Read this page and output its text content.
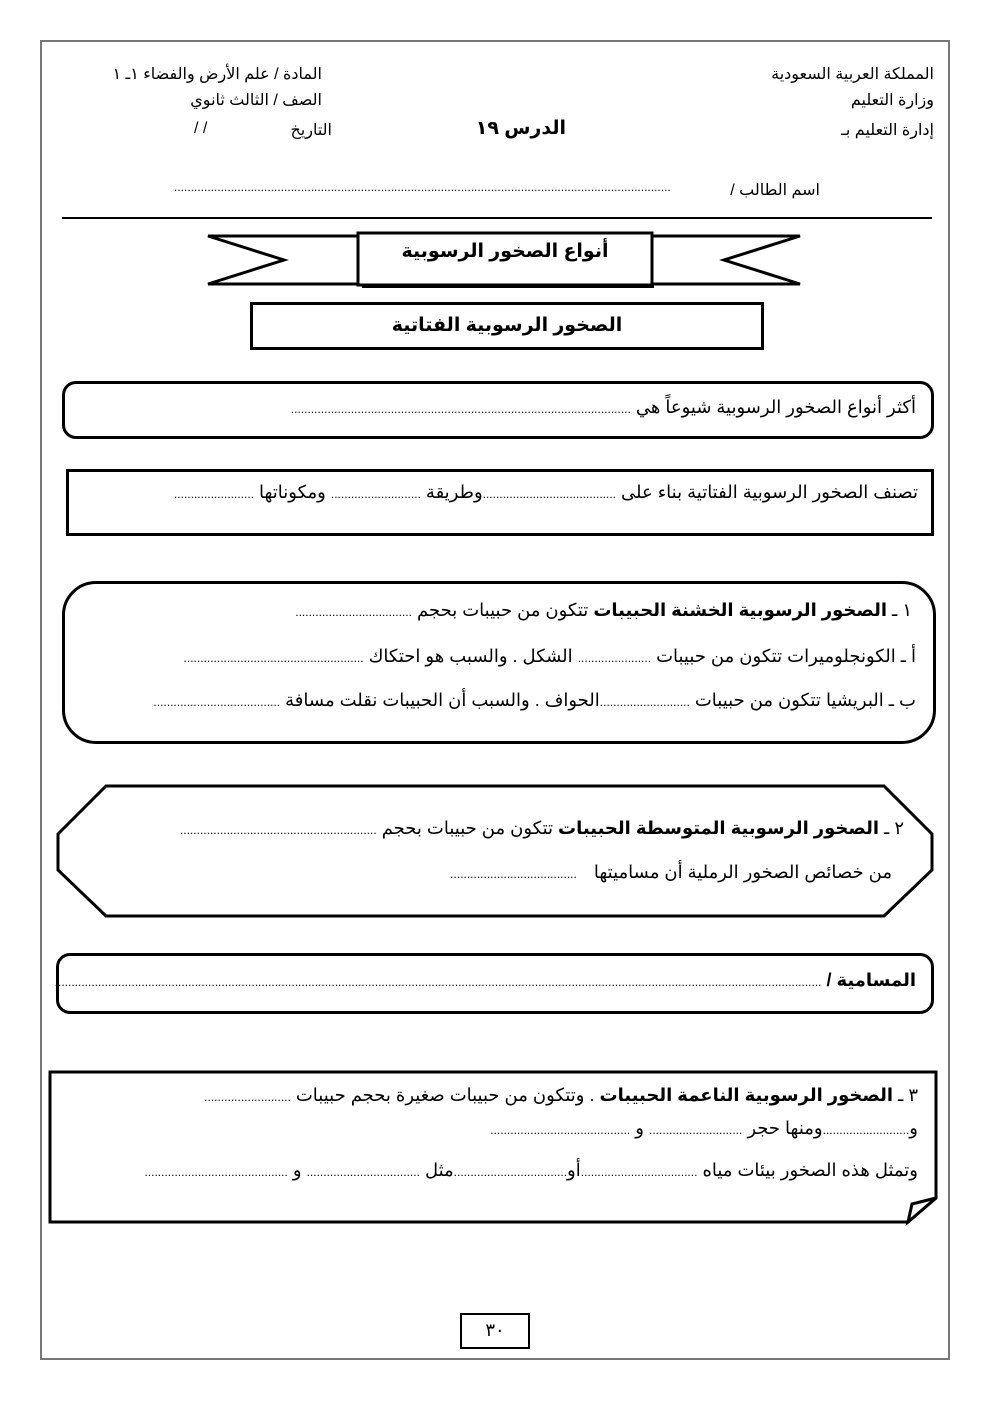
المملكة العربية السعودية
وزارة التعليم
إدارة التعليم بـ
المادة / علم الأرض والفضاء ١ـ ١
الصف / الثالث ثانوي
التاريخ
/ /	الدرس ١٩
اسم الطالب /
.....................................................................................................................................................
أنواع الصخور الرسوبية
الصخور الرسوبية الفتاتية
أكثر أنواع الصخور الرسوبية شيوعاً هي ......................................................................................................
تصنف الصخور الرسوبية الفتاتية بناء على ........................................وطريقة ........................... ومكوناتها ........................
١ ـ الصخور الرسوبية الخشنة الحبيبات تتكون من حبيبات بحجم ...................................
أ ـ الكونجلوميرات تتكون من حبيبات ...................... الشكل . والسبب هو احتكاك ......................................................
ب ـ البريشيا تتكون من حبيبات ...........................الحواف . والسبب أن الحبيبات نقلت مسافة ......................................
٢ ـ الصخور الرسوبية المتوسطة الحبيبات تتكون من حبيبات بحجم ...........................................................
من خصائص الصخور الرملية أن مساميتها ......................................
المسامية / ......................................................................................................................................................................................................................................
٣ ـ الصخور الرسوبية الناعمة الحبيبات . وتتكون من حبيبات صغيرة بحجم حبيبات ..........................
و..........................ومنها حجر ............................ و ..........................................
وتمثل هذه الصخور بيئات مياه ...................................أو..................................مثل .................................. و ...........................................
٣٠
